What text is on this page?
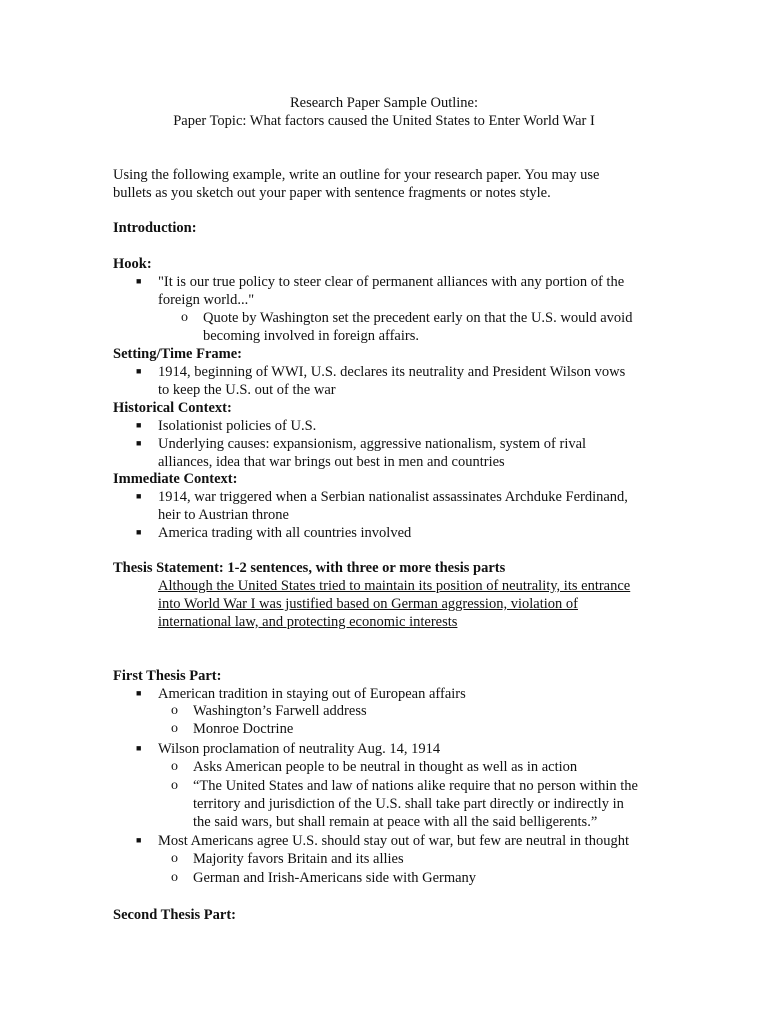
Research Paper Sample Outline:
Paper Topic: What factors caused the United States to Enter World War I
Using the following example, write an outline for your research paper. You may use
bullets as you sketch out your paper with sentence fragments or notes style.
Introduction:
Hook:
■ "It is our true policy to steer clear of permanent alliances with any portion of the
foreign world..."
o Quote by Washington set the precedent early on that the U.S. would avoid
becoming involved in foreign affairs.
Setting/Time Frame:
■ 1914, beginning of WWI, U.S. declares its neutrality and President Wilson vows
to keep the U.S. out of the war
Historical Context:
■ Isolationist policies of U.S.
■ Underlying causes: expansionism, aggressive nationalism, system of rival
alliances, idea that war brings out best in men and countries
Immediate Context:
■ 1914, war triggered when a Serbian nationalist assassinates Archduke Ferdinand,
heir to Austrian throne
■ America trading with all countries involved
Thesis Statement: 1-2 sentences, with three or more thesis parts
Although the United States tried to maintain its position of neutrality, its entrance
into World War I was justified based on German aggression, violation of
international law, and protecting economic interests
First Thesis Part:
■ American tradition in staying out of European affairs
o Washington’s Farwell address
o Monroe Doctrine
■ Wilson proclamation of neutrality Aug. 14, 1914
o Asks American people to be neutral in thought as well as in action
o “The United States and law of nations alike require that no person within the
territory and jurisdiction of the U.S. shall take part directly or indirectly in
the said wars, but shall remain at peace with all the said belligerents.”
■ Most Americans agree U.S. should stay out of war, but few are neutral in thought
o Majority favors Britain and its allies
o German and Irish-Americans side with Germany
Second Thesis Part:
